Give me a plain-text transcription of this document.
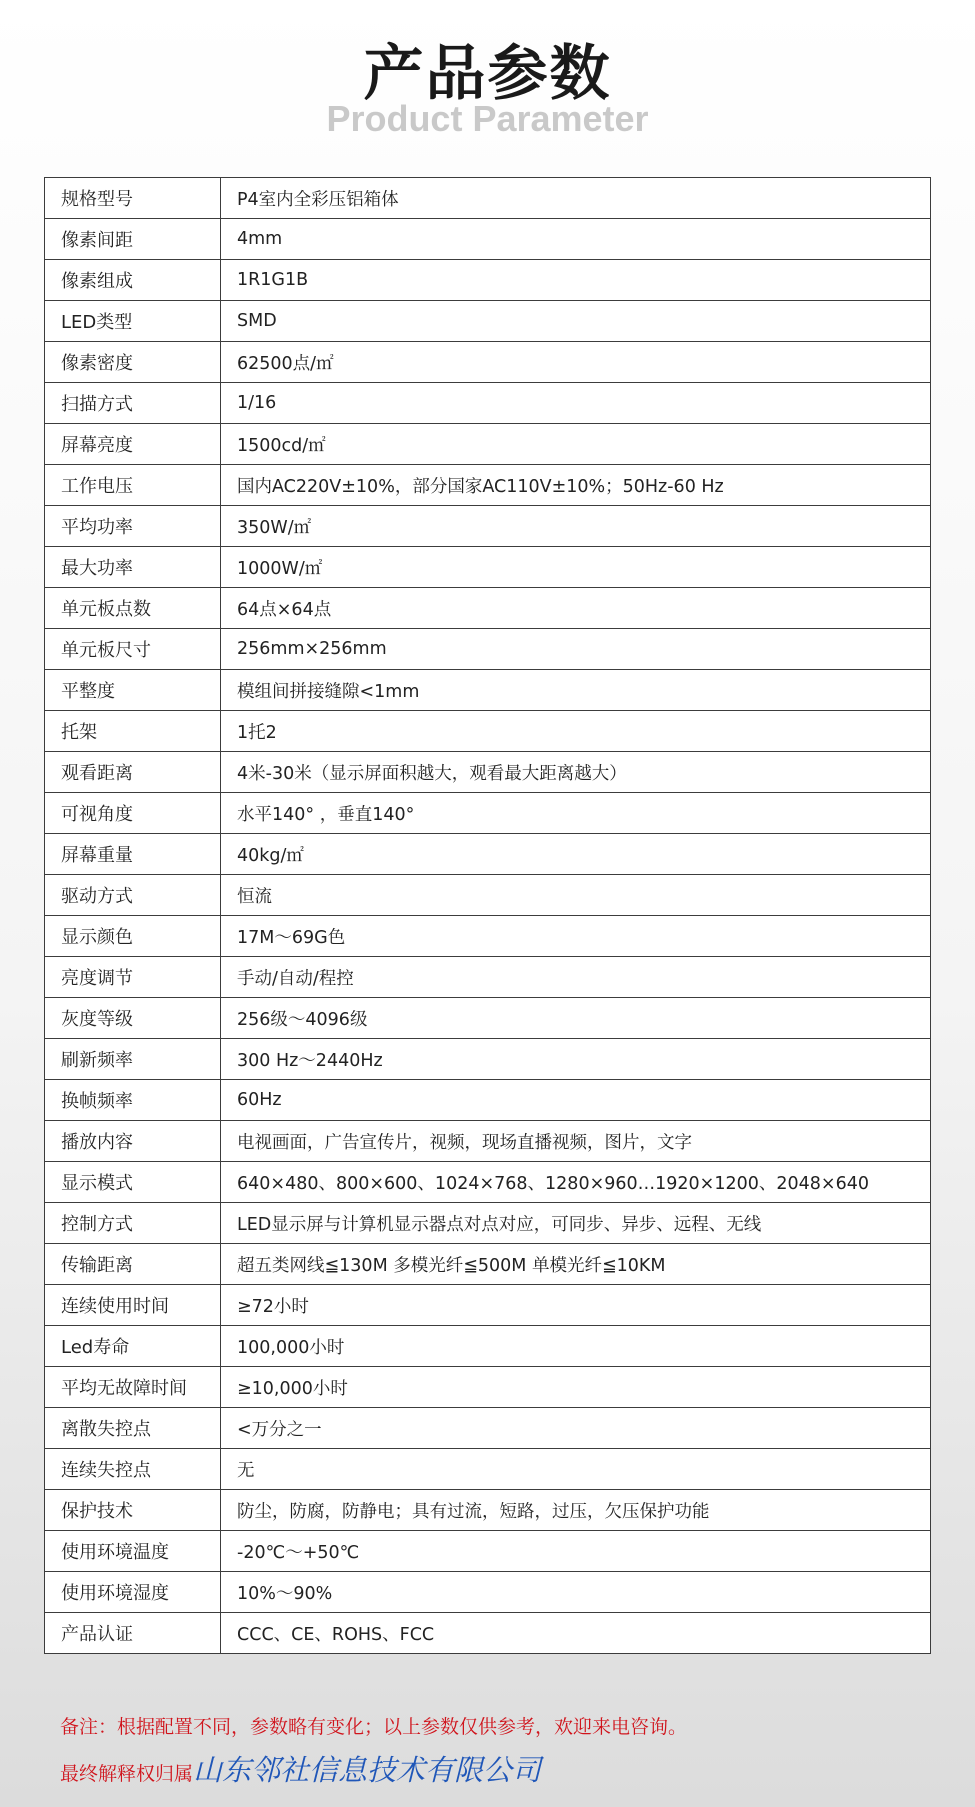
产品参数
Product Parameter
规格型号	P4室内全彩压铝箱体
像素间距	4mm
像素组成	1R1G1B
LED类型	SMD
像素密度	62500点/㎡
扫描方式	1/16
屏幕亮度	1500cd/㎡
工作电压	国内AC220V±10%，部分国家AC110V±10%；50Hz-60 Hz
平均功率	350W/㎡
最大功率	1000W/㎡
单元板点数	64点×64点
单元板尺寸	256mm×256mm
平整度	模组间拼接缝隙<1mm
托架	1托2
观看距离	4米-30米（显示屏面积越大，观看最大距离越大）
可视角度	水平140° ，垂直140°
屏幕重量	40kg/㎡
驱动方式	恒流
显示颜色	17M～69G色
亮度调节	手动/自动/程控
灰度等级	256级～4096级
刷新频率	300 Hz～2440Hz
换帧频率	60Hz
播放内容	电视画面，广告宣传片，视频，现场直播视频，图片，文字
显示模式	640×480、800×600、1024×768、1280×960…1920×1200、2048×640
控制方式	LED显示屏与计算机显示器点对点对应，可同步、异步、远程、无线
传输距离	超五类网线≦130M 多模光纤≦500M 单模光纤≦10KM
连续使用时间	≥72小时
Led寿命	100,000小时
平均无故障时间	≥10,000小时
离散失控点	<万分之一
连续失控点	无
保护技术	防尘，防腐，防静电；具有过流，短路，过压，欠压保护功能
使用环境温度	-20℃～+50℃
使用环境湿度	10%～90%
产品认证	CCC、CE、ROHS、FCC
备注：根据配置不同，参数略有变化；以上参数仅供参考，欢迎来电咨询。
最终解释权归属山东邻社信息技术有限公司
